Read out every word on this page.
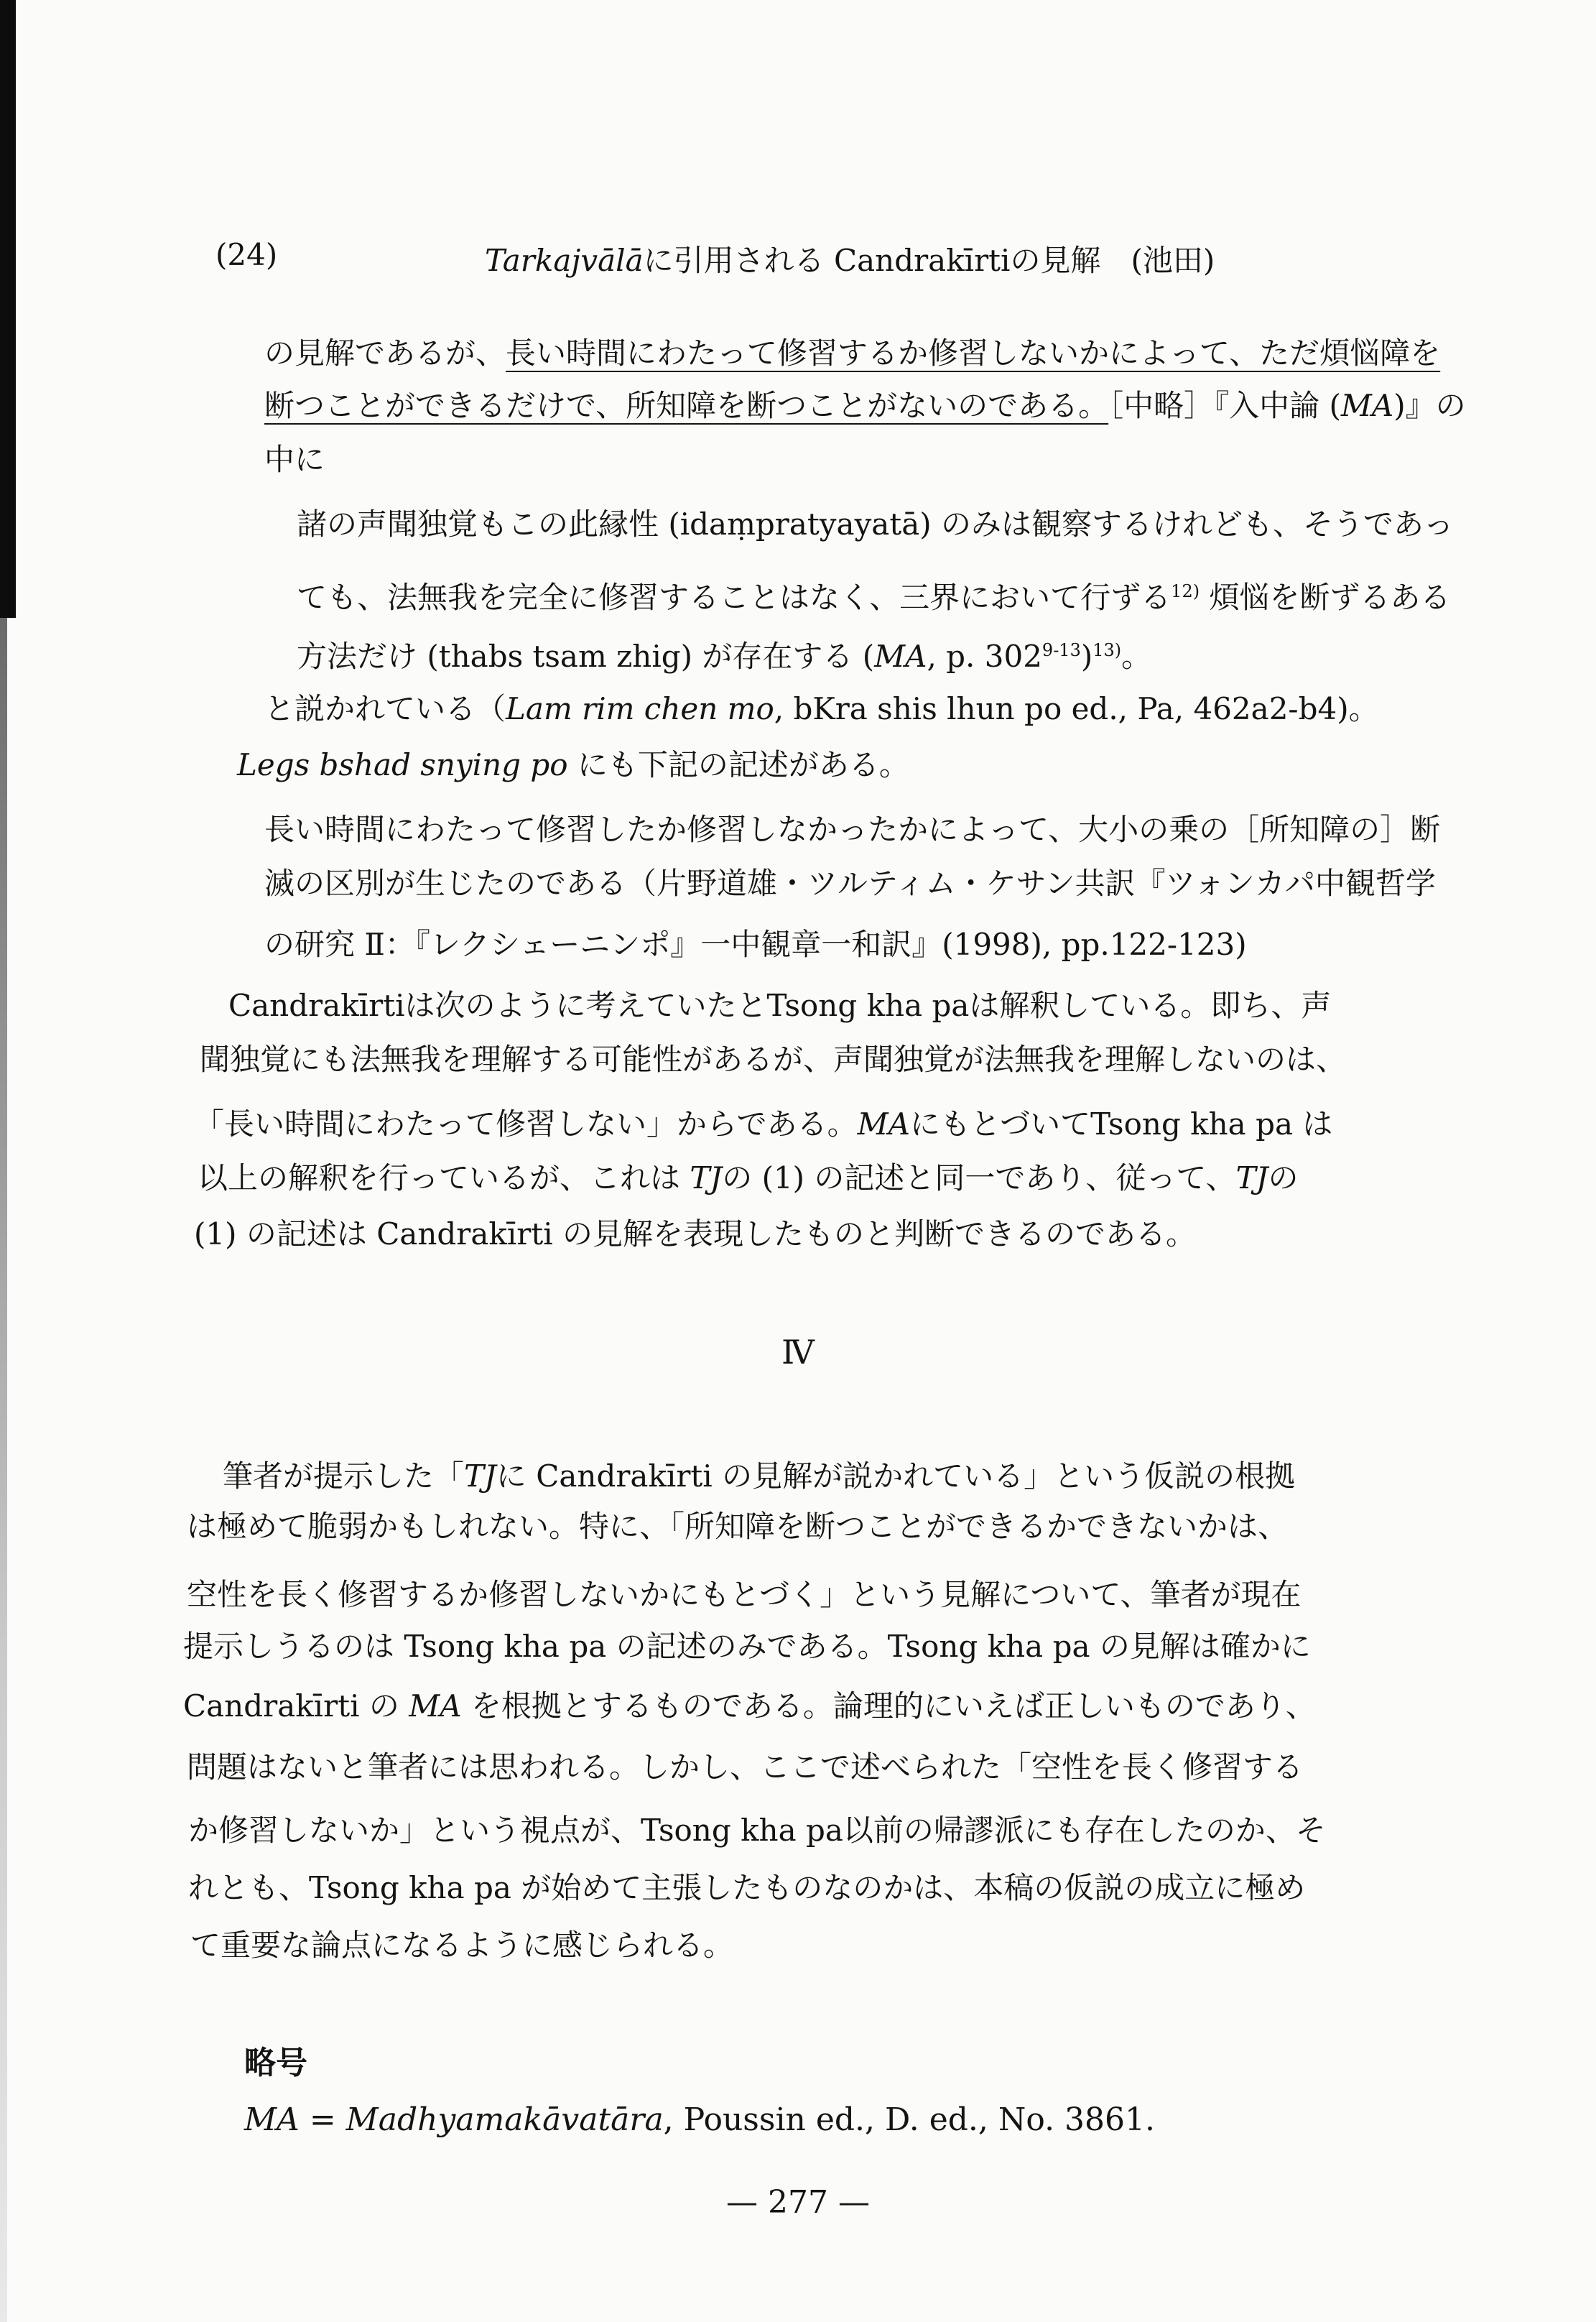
(24)	Tarkajvālāに引用される Candrakīrtiの見解　(池田)
の見解であるが、長い時間にわたって修習するか修習しないかによって、ただ煩悩障を
断つことができるだけで、所知障を断つことがないのである。［中略］『入中論 (MA)』の
中に
諸の声聞独覚もこの此縁性 (idaṃpratyayatā) のみは観察するけれども、そうであっ
ても、法無我を完全に修習することはなく、三界において行ずる$^{12)}$ 煩悩を断ずるある
方法だけ (thabs tsam zhig) が存在する (MA, p. 302$^{9-13}$)$^{13)}$。
と説かれている（Lam rim chen mo, bKra shis lhun po ed., Pa, 462a2-b4)。
Legs bshad snying po にも下記の記述がある。
長い時間にわたって修習したか修習しなかったかによって、大小の乗の［所知障の］断
滅の区別が生じたのである（片野道雄・ツルティム・ケサン共訳『ツォンカパ中観哲学
の研究 Ⅱ：『レクシェーニンポ』一中観章一和訳』(1998), pp.122-123)
Candrakīrtiは次のように考えていたとTsong kha paは解釈している。即ち、声
聞独覚にも法無我を理解する可能性があるが、声聞独覚が法無我を理解しないのは、
「長い時間にわたって修習しない」からである。MAにもとづいてTsong kha pa は
以上の解釈を行っているが、これは TJの (1) の記述と同一であり、従って、TJの
(1) の記述は Candrakīrti の見解を表現したものと判断できるのである。
Ⅳ
筆者が提示した「TJに Candrakīrti の見解が説かれている」という仮説の根拠
は極めて脆弱かもしれない。特に、「所知障を断つことができるかできないかは、
空性を長く修習するか修習しないかにもとづく」という見解について、筆者が現在
提示しうるのは Tsong kha pa の記述のみである。Tsong kha pa の見解は確かに
Candrakīrti の MA を根拠とするものである。論理的にいえば正しいものであり、
問題はないと筆者には思われる。しかし、ここで述べられた「空性を長く修習する
か修習しないか」という視点が、Tsong kha pa以前の帰謬派にも存在したのか、そ
れとも、Tsong kha pa が始めて主張したものなのかは、本稿の仮説の成立に極め
て重要な論点になるように感じられる。
略号
MA = Madhyamakāvatāra, Poussin ed., D. ed., No. 3861.
— 277 —
